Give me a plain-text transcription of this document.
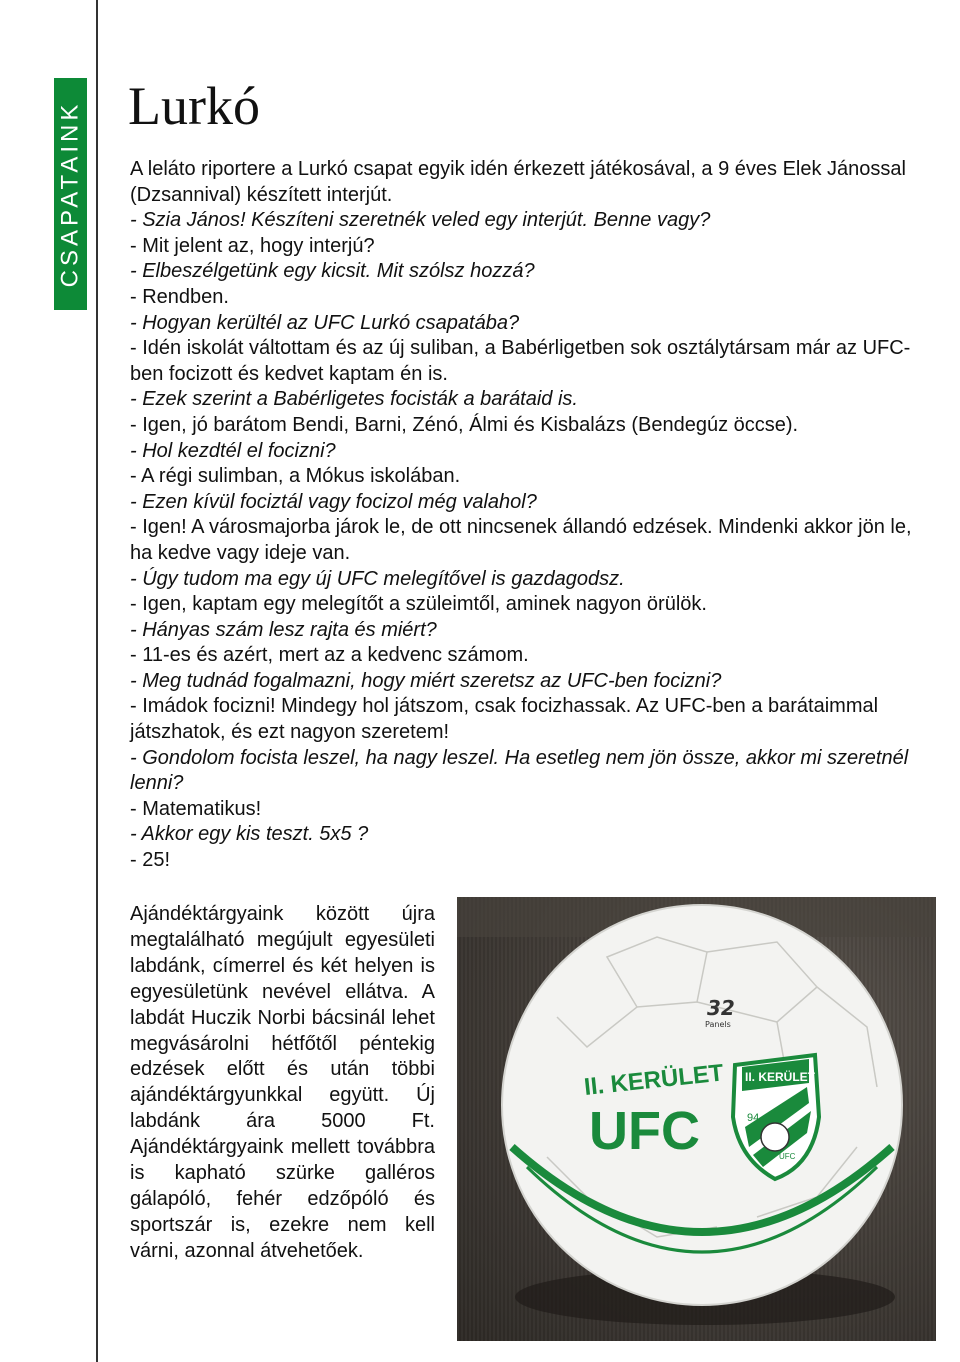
CSAPATAINK Lurkó

A leláto riportere a Lurkó csapat egyik idén érkezett játékosával, a 9 éves Elek Jánossal (Dzsannival) készített interjút.

- Szia János! Készíteni szeretnék veled egy interjút. Benne vagy?

- Mit jelent az, hogy interjú?

- Elbeszélgetünk egy kicsit. Mit szólsz hozzá?

- Rendben.

- Hogyan kerültél az UFC Lurkó csapatába?

- Idén iskolát váltottam és az új suliban, a Babérligetben sok osztálytársam már az UFC-ben focizott és kedvet kaptam én is.

- Ezek szerint a Babérligetes focisták a barátaid is.

- Igen, jó barátom Bendi, Barni, Zénó, Álmi és Kisbalázs (Bendegúz öccse).

- Hol kezdtél el focizni?

- A régi sulimban, a Mókus iskolában.

- Ezen kívül fociztál vagy focizol még valahol?

- Igen! A városmajorba járok le, de ott nincsenek állandó edzések. Mindenki akkor jön le, ha kedve vagy ideje van.

- Úgy tudom ma egy új UFC melegítővel is gazdagodsz.

- Igen, kaptam egy melegítőt a szüleimtől, aminek nagyon örülök.

- Hányas szám lesz rajta és miért?

- 11-es és azért, mert az a kedvenc számom.

- Meg tudnád fogalmazni, hogy miért szeretsz az UFC-ben focizni?

- Imádok focizni! Mindegy hol játszom, csak focizhassak. Az UFC-ben a barátaimmal játszhatok, és ezt nagyon szeretem!

- Gondolom focista leszel, ha nagy leszel. Ha esetleg nem jön össze, akkor mi szeretnél lenni?

- Matematikus!

- Akkor egy kis teszt. 5x5 ?

- 25!

Ajándéktárgyaink között újra megtalálható megújult egyesületi labdánk, címerrel és két helyen is egyesületünk nevével ellátva. A labdát Huczik Norbi bácsinál lehet megvásárolni hétfőtől péntekig edzések előtt és után többi ajándéktárgyunkkal együtt. Új labdánk ára 5000 Ft. Ajándéktárgyaink mellett továbbra is kapható szürke galléros gálapóló, fehér edzőpóló és sportszár is, ezekre nem kell várni, azonnal átvehetőek.

32
Panels
II. KERÜLET
UFC
II. KERÜLET
94
UFC
